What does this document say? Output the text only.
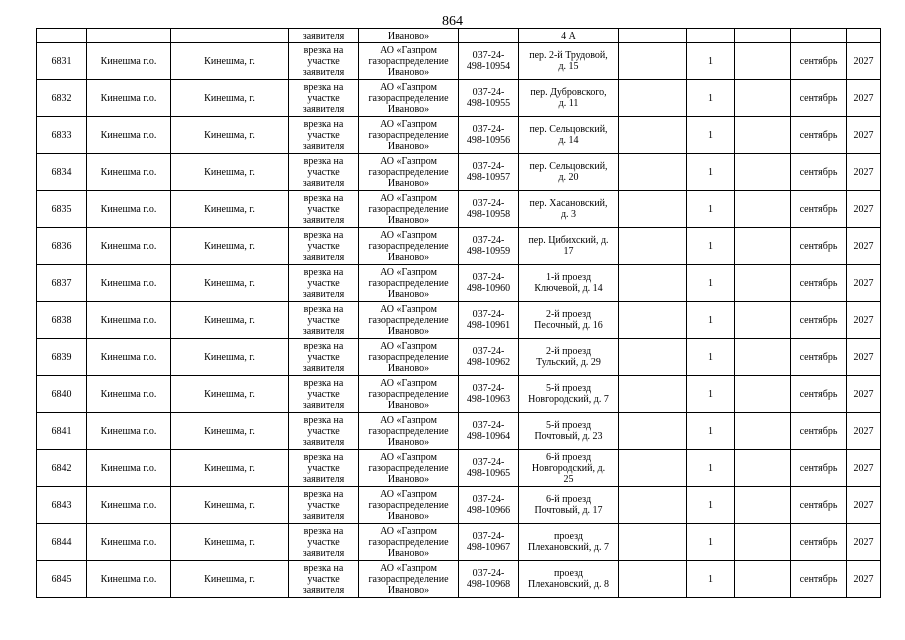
864
			заявителя	Иваново»		4 А					
6831	Кинешма г.о.	Кинешма, г.	врезка на
участке
заявителя	АО «Газпром
газораспределение
Иваново»	037-24-
498-10954	пер. 2-й Трудовой,
д. 15		1		сентябрь	2027
6832	Кинешма г.о.	Кинешма, г.	врезка на
участке
заявителя	АО «Газпром
газораспределение
Иваново»	037-24-
498-10955	пер. Дубровского,
д. 11		1		сентябрь	2027
6833	Кинешма г.о.	Кинешма, г.	врезка на
участке
заявителя	АО «Газпром
газораспределение
Иваново»	037-24-
498-10956	пер. Сельцовский,
д. 14		1		сентябрь	2027
6834	Кинешма г.о.	Кинешма, г.	врезка на
участке
заявителя	АО «Газпром
газораспределение
Иваново»	037-24-
498-10957	пер. Сельцовский,
д. 20		1		сентябрь	2027
6835	Кинешма г.о.	Кинешма, г.	врезка на
участке
заявителя	АО «Газпром
газораспределение
Иваново»	037-24-
498-10958	пер. Хасановский,
д. 3		1		сентябрь	2027
6836	Кинешма г.о.	Кинешма, г.	врезка на
участке
заявителя	АО «Газпром
газораспределение
Иваново»	037-24-
498-10959	пер. Цибихский, д.
17		1		сентябрь	2027
6837	Кинешма г.о.	Кинешма, г.	врезка на
участке
заявителя	АО «Газпром
газораспределение
Иваново»	037-24-
498-10960	1-й проезд
Ключевой, д. 14		1		сентябрь	2027
6838	Кинешма г.о.	Кинешма, г.	врезка на
участке
заявителя	АО «Газпром
газораспределение
Иваново»	037-24-
498-10961	2-й проезд
Песочный, д. 16		1		сентябрь	2027
6839	Кинешма г.о.	Кинешма, г.	врезка на
участке
заявителя	АО «Газпром
газораспределение
Иваново»	037-24-
498-10962	2-й проезд
Тульский, д. 29		1		сентябрь	2027
6840	Кинешма г.о.	Кинешма, г.	врезка на
участке
заявителя	АО «Газпром
газораспределение
Иваново»	037-24-
498-10963	5-й проезд
Новгородский, д. 7		1		сентябрь	2027
6841	Кинешма г.о.	Кинешма, г.	врезка на
участке
заявителя	АО «Газпром
газораспределение
Иваново»	037-24-
498-10964	5-й проезд
Почтовый, д. 23		1		сентябрь	2027
6842	Кинешма г.о.	Кинешма, г.	врезка на
участке
заявителя	АО «Газпром
газораспределение
Иваново»	037-24-
498-10965	6-й проезд
Новгородский, д.
25		1		сентябрь	2027
6843	Кинешма г.о.	Кинешма, г.	врезка на
участке
заявителя	АО «Газпром
газораспределение
Иваново»	037-24-
498-10966	6-й проезд
Почтовый, д. 17		1		сентябрь	2027
6844	Кинешма г.о.	Кинешма, г.	врезка на
участке
заявителя	АО «Газпром
газораспределение
Иваново»	037-24-
498-10967	проезд
Плехановский, д. 7		1		сентябрь	2027
6845	Кинешма г.о.	Кинешма, г.	врезка на
участке
заявителя	АО «Газпром
газораспределение
Иваново»	037-24-
498-10968	проезд
Плехановский, д. 8		1		сентябрь	2027
